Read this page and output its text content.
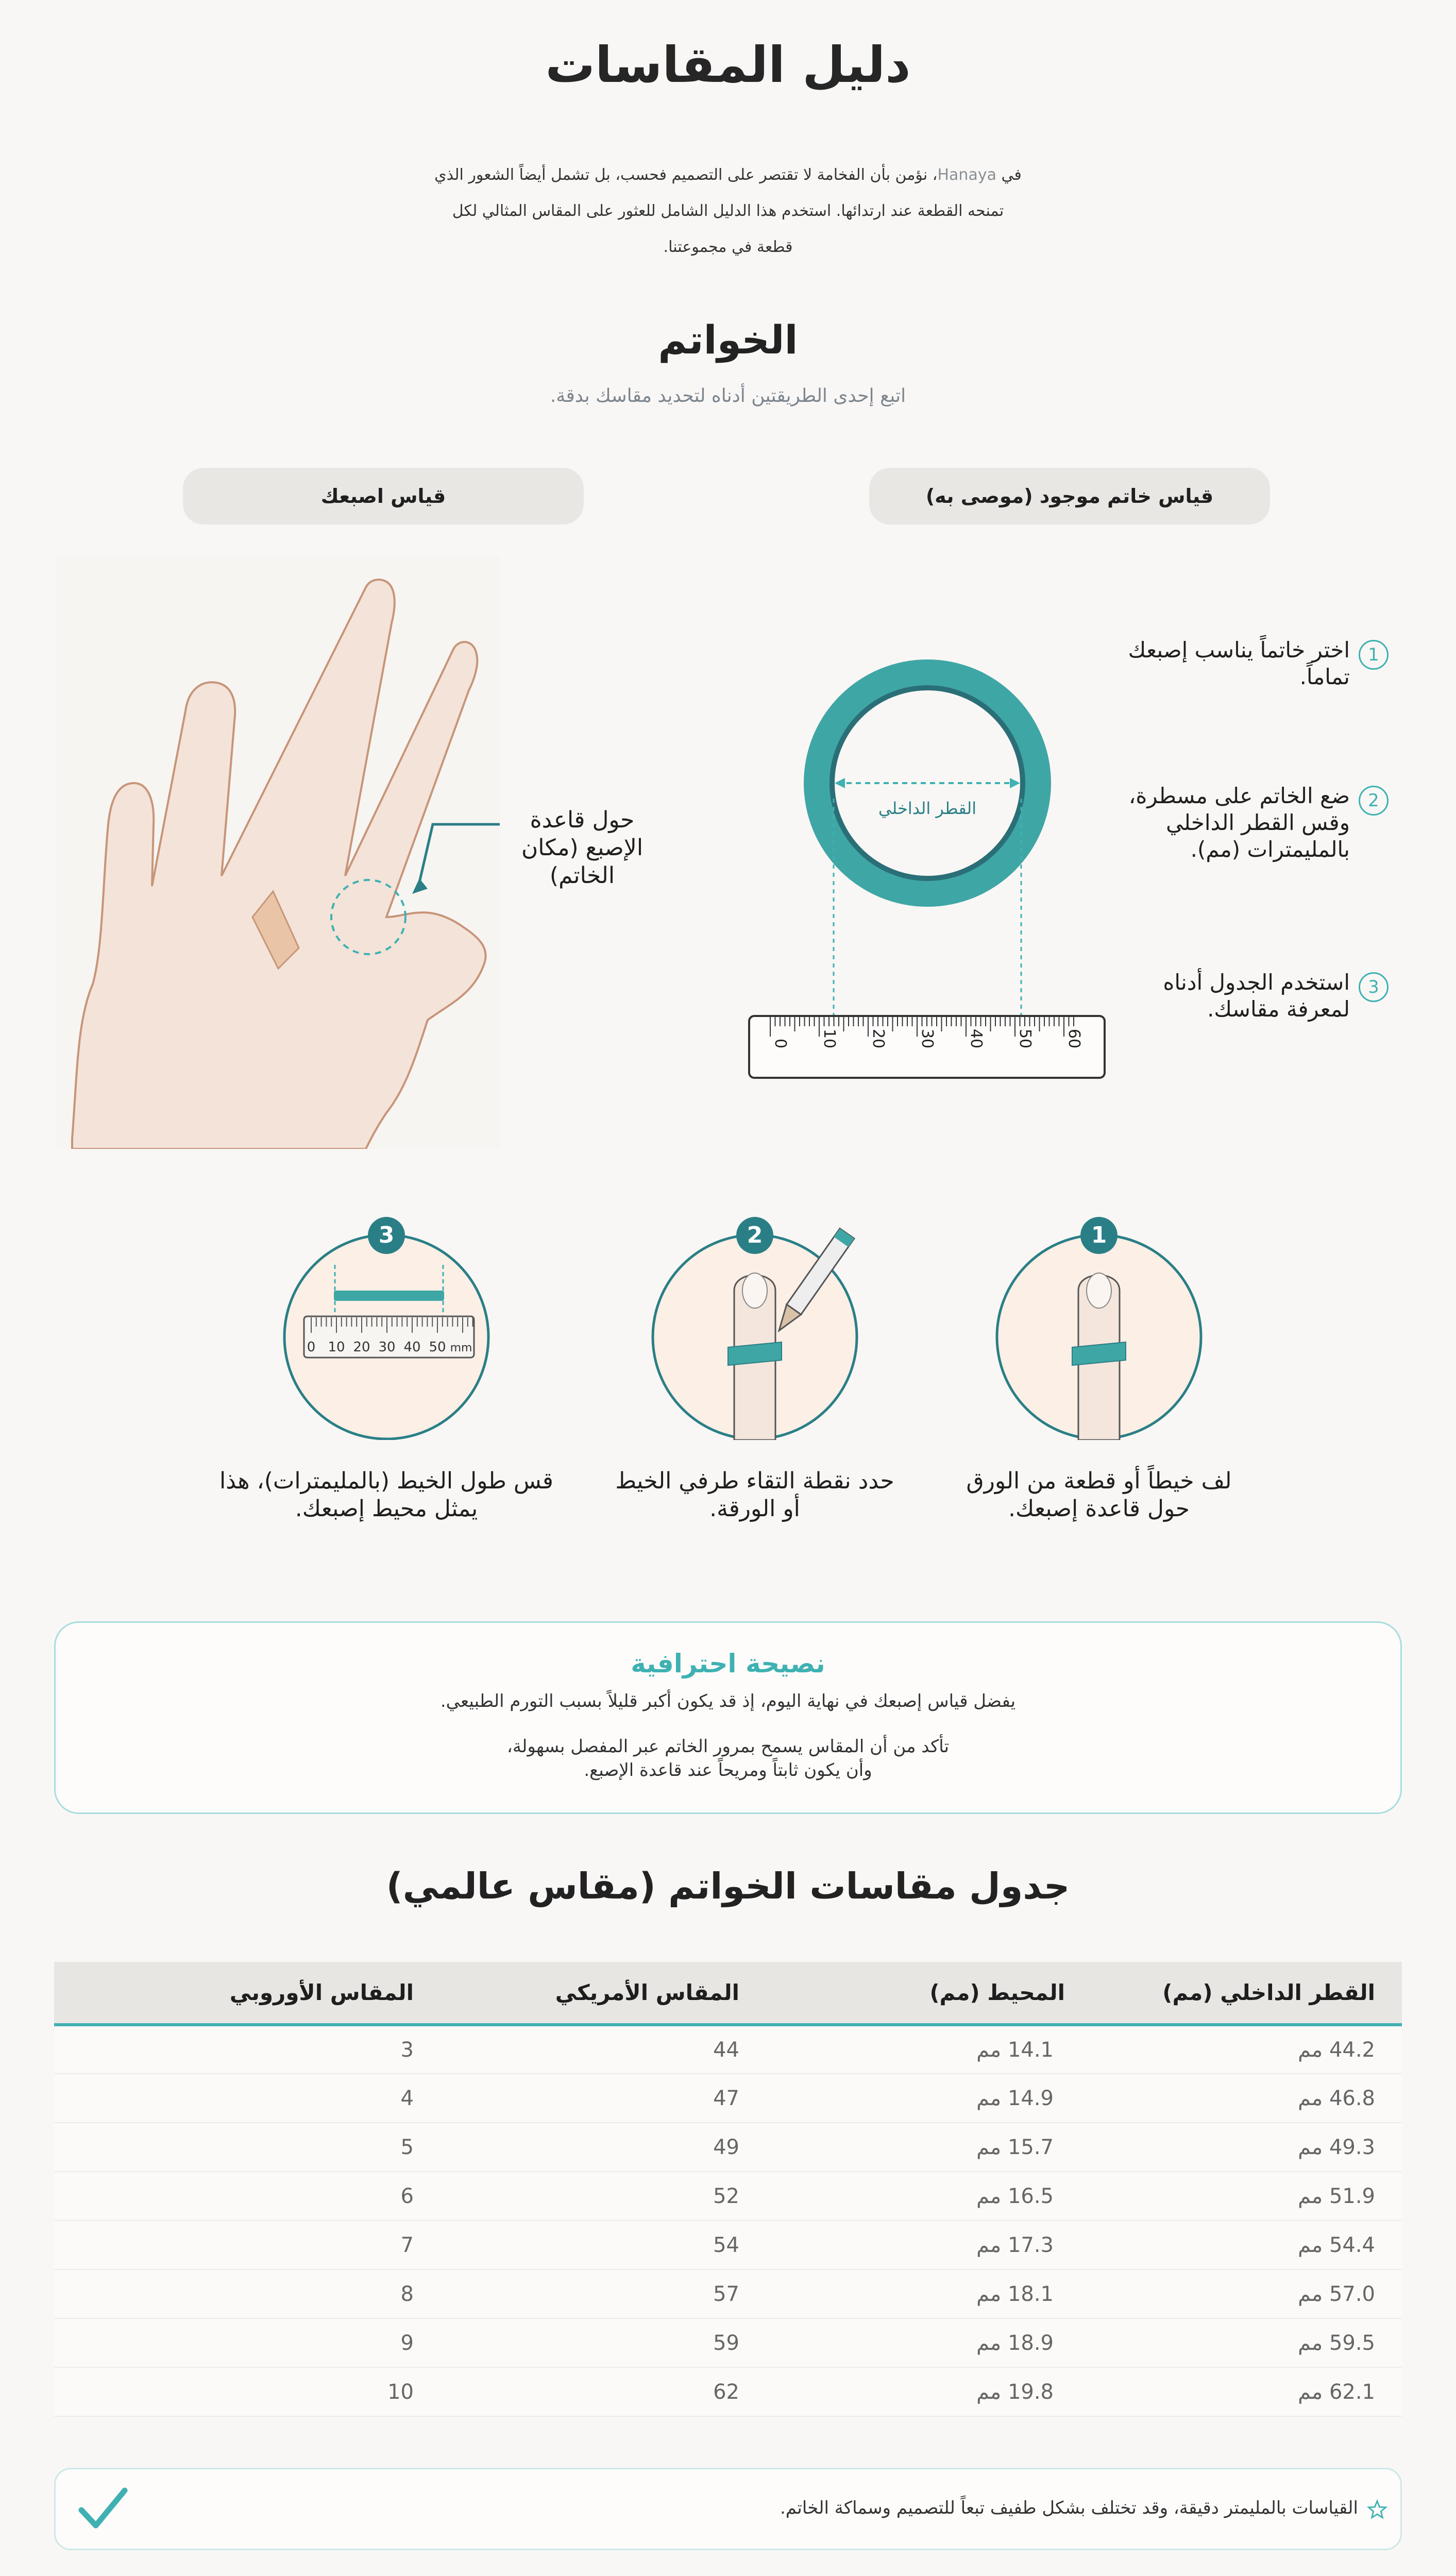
دليل المقاسات
في Hanaya، نؤمن بأن الفخامة لا تقتصر على التصميم فحسب، بل تشمل أيضاً الشعور الذي
تمنحه القطعة عند ارتدائها. استخدم هذا الدليل الشامل للعثور على المقاس المثالي لكل
قطعة في مجموعتنا.
الخواتم
اتبع إحدى الطريقتين أدناه لتحديد مقاسك بدقة.
قياس خاتم موجود (موصى به)
قياس اصبعك
حول قاعدة
الإصبع (مكان
الخاتم)
القطر الداخلي
0 10 20 30 40 50 60
1
اختر خاتماً يناسب إصبعك
تماماً.
2
ضع الخاتم على مسطرة،
وقس القطر الداخلي
بالمليمترات (مم).
3
استخدم الجدول أدناه
لمعرفة مقاسك.
1
لف خيطاً أو قطعة من الورق
حول قاعدة إصبعك.
2
حدد نقطة التقاء طرفي الخيط
أو الورقة.
0 10 20 30 40 50 mm
3
قس طول الخيط (بالمليمترات)، هذا
يمثل محيط إصبعك.
نصيحة احترافية
يفضل قياس إصبعك في نهاية اليوم، إذ قد يكون أكبر قليلاً بسبب التورم الطبيعي.
تأكد من أن المقاس يسمح بمرور الخاتم عبر المفصل بسهولة،
وأن يكون ثابتاً ومريحاً عند قاعدة الإصبع.
جدول مقاسات الخواتم (مقاس عالمي)
القطر الداخلي (مم)	المحيط (مم)	المقاس الأمريكي	المقاس الأوروبي
44.2 مم	14.1 مم	44	3
46.8 مم	14.9 مم	47	4
49.3 مم	15.7 مم	49	5
51.9 مم	16.5 مم	52	6
54.4 مم	17.3 مم	54	7
57.0 مم	18.1 مم	57	8
59.5 مم	18.9 مم	59	9
62.1 مم	19.8 مم	62	10
القياسات بالمليمتر دقيقة، وقد تختلف بشكل طفيف تبعاً للتصميم وسماكة الخاتم.
